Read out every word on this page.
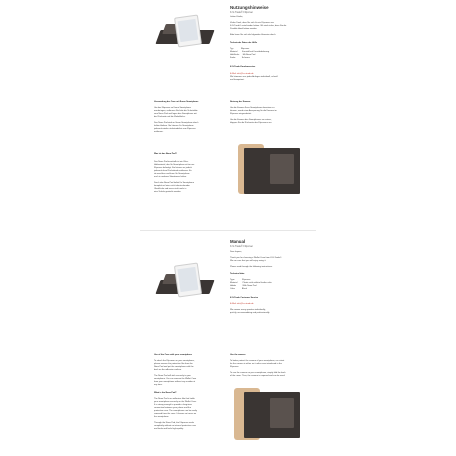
Nutzungshinweise
K-S-Trade® Flipcover
Lieber Käufer,
Vielen Dank, dass Sie sich für ein Flipcover von
K-S-Trade® entschieden haben. Wir sind sicher, dass Sie die
Produkt-Hand haben werden.
Bitte lesen Sie sich die folgenden Hinweise durch.
Technische Daten der Hülle
Typ             Flipcover
Material        Kunstoff mit Kunstlederbezug
Haltfläche      Mit Nano Pad
Farbe           Schwarz
K-S-Trade Kundenservice
E-Mail: info@k-s-trade.de
Wir kümmern uns jedes Anliegen individuell, schnell
und kompetent.
Verwendung der Case mit Ihrem Smartphone
Um das Flipcover an Ihrem Smartphone
anzubringen, entfernen Sie bitte die Schutzfolie
vom Nano Pad und legen das Smartphone mit
der Rückseite auf die Klebefläche.
Das Nano Pad wird an Ihrem Smartphone durch
haften bleiben. Sie können Ihr Smartphone
jederzeit wieder rückstandsfrei vom Flipcover
entfernen.
Was ist das Nano Pad?
Das Nano Pad innerhalb ist ein Ultra-
Haftmaterial, das Ihr Smartphone sicher am
Flipcover befestigt. Sie können es jedoch
jederzeit ohne Rückstände entfernen. Es
ist waschbar und kann Ihr Smartphone
auch in anderen Situationen halten.
Durch das Nano Pad haftet Ihr Smartphone
komplett auf einer nicht abrutschenden
Oberfläche und muss nicht mehr in
eine Schale gesteckt werden.
Nutzung der Kamera
Um die Kamera Ihres Smartphones benutzen zu
können, wurde eine Aussparung für die Kamera im
Flipcover eingearbeitet.
Um die Kamera des Smartphones zu nutzen,
klappen Sie die Rückseite des Flipcovers um.
Manual
K-S-Trade® Flipcover
Dear buyers,
Thank you for choosing a Wallet Case from K-S-Trade®.
We are sure that you will enjoy using it.
Please read through the following instructions.
Technical data
Type             Flipcover
Material         Plastic with artificial leather skin
Holder           With Nano Pad
Color            Black
K-S-Trade Customer Service
E-Mail: info@k-s-trade.de
We answer every question individually,
quickly, accommodating and professionally.
Use of the Case with your smartphone
To attach the Flipcover on your smartphone,
please remove the protective film from the
Nano Pad and put the smartphone with the
back on the adhesive surface.
The Nano Pad will stick securely to your
smartphone. You can remove the Wallet Case
from your smartphone without any residue at
any time.
What is the Nano Pad?
The Nano Pad is an adhesive film that holds
your smartphone securely on the Wallet Case.
It is strong enough to provide a long-term
connection between your phone and the
protective case. The smartphone can be easily
removed from the case. It leaves no traces on
the smartphone.
Through the Nano Pad, the Flipcover works
completely without an internal protective case
and looks and feels high-quality.
Use the camera
To better protect the camera of your smartphone, no cutout
for the camera is either as it rather was introduced in the
Flipcover.
To use the camera on your smartphone, simply fold the back
of the cover. Thus, the camera is exposed and can be used.
